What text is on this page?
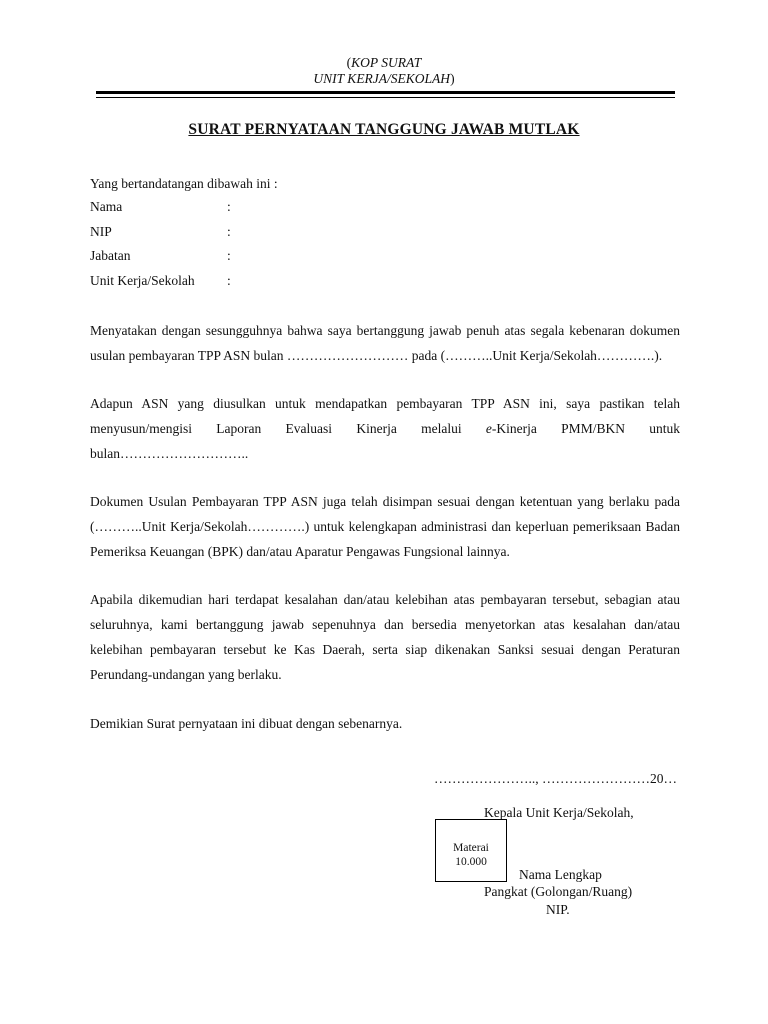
(KOP SURAT
UNIT KERJA/SEKOLAH)
SURAT PERNYATAAN TANGGUNG JAWAB MUTLAK
Yang bertandatangan dibawah ini :
Nama	:
NIP	:
Jabatan	:
Unit Kerja/Sekolah	:
Menyatakan dengan sesungguhnya bahwa saya bertanggung jawab penuh atas segala kebenaran dokumen usulan pembayaran TPP ASN bulan ……………………… pada (………..Unit Kerja/Sekolah………….).
Adapun ASN yang diusulkan untuk mendapatkan pembayaran TPP ASN ini, saya pastikan telah menyusun/mengisi Laporan Evaluasi Kinerja melalui e-Kinerja PMM/BKN untuk bulan………………………..
Dokumen Usulan Pembayaran TPP ASN juga telah disimpan sesuai dengan ketentuan yang berlaku pada (………..Unit Kerja/Sekolah………….) untuk kelengkapan administrasi dan keperluan pemeriksaan Badan Pemeriksa Keuangan (BPK) dan/atau Aparatur Pengawas Fungsional lainnya.
Apabila dikemudian hari terdapat kesalahan dan/atau kelebihan atas pembayaran tersebut, sebagian atau seluruhnya, kami bertanggung jawab sepenuhnya dan bersedia menyetorkan atas kesalahan dan/atau kelebihan pembayaran tersebut ke Kas Daerah, serta siap dikenakan Sanksi sesuai dengan Peraturan Perundang-undangan yang berlaku.
Demikian Surat pernyataan ini dibuat dengan sebenarnya.
………………….., ……………………20…
Kepala Unit Kerja/Sekolah,
Materai
10.000
Nama Lengkap
Pangkat (Golongan/Ruang)
NIP.
